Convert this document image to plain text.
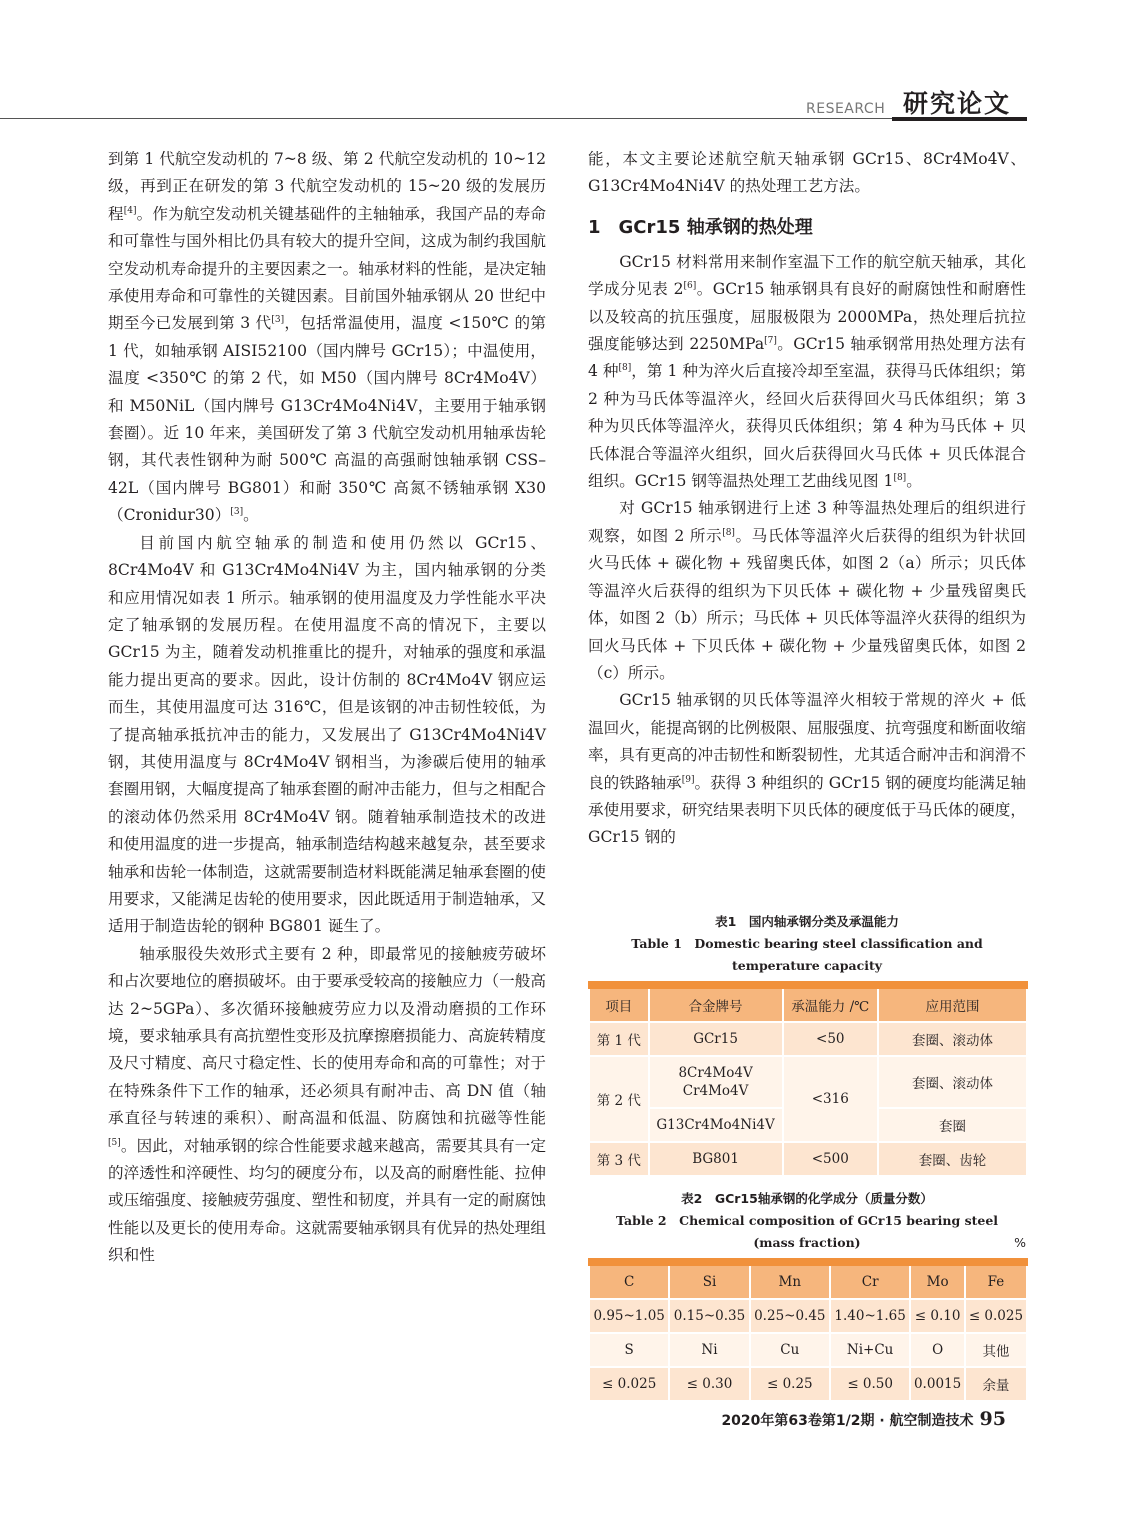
RESEARCH 研究论文

到第 1 代航空发动机的 7~8 级、第 2 代航空发动机的 10~12 级，再到正在研发的第 3 代航空发动机的 15~20 级的发展历程[4]。作为航空发动机关键基础件的主轴轴承，我国产品的寿命和可靠性与国外相比仍具有较大的提升空间，这成为制约我国航空发动机寿命提升的主要因素之一。轴承材料的性能，是决定轴承使用寿命和可靠性的关键因素。目前国外轴承钢从 20 世纪中期至今已发展到第 3 代[3]，包括常温使用，温度 <150℃ 的第 1 代，如轴承钢 AISI52100（国内牌号 GCr15）；中温使用，温度 <350℃ 的第 2 代，如 M50（国内牌号 8Cr4Mo4V）和 M50NiL（国内牌号 G13Cr4Mo4Ni4V，主要用于轴承钢套圈）。近 10 年来，美国研发了第 3 代航空发动机用轴承齿轮钢，其代表性钢种为耐 500℃ 高温的高强耐蚀轴承钢 CSS–42L（国内牌号 BG801）和耐 350℃ 高氮不锈轴承钢 X30（Cronidur30）[3]。

目前国内航空轴承的制造和使用仍然以 GCr15、8Cr4Mo4V 和 G13Cr4Mo4Ni4V 为主，国内轴承钢的分类和应用情况如表 1 所示。轴承钢的使用温度及力学性能水平决定了轴承钢的发展历程。在使用温度不高的情况下，主要以 GCr15 为主，随着发动机推重比的提升，对轴承的强度和承温能力提出更高的要求。因此，设计仿制的 8Cr4Mo4V 钢应运而生，其使用温度可达 316℃，但是该钢的冲击韧性较低，为了提高轴承抵抗冲击的能力，又发展出了 G13Cr4Mo4Ni4V 钢，其使用温度与 8Cr4Mo4V 钢相当，为渗碳后使用的轴承套圈用钢，大幅度提高了轴承套圈的耐冲击能力，但与之相配合的滚动体仍然采用 8Cr4Mo4V 钢。随着轴承制造技术的改进和使用温度的进一步提高，轴承制造结构越来越复杂，甚至要求轴承和齿轮一体制造，这就需要制造材料既能满足轴承套圈的使用要求，又能满足齿轮的使用要求，因此既适用于制造轴承，又适用于制造齿轮的钢种 BG801 诞生了。

轴承服役失效形式主要有 2 种，即最常见的接触疲劳破坏和占次要地位的磨损破坏。由于要承受较高的接触应力（一般高达 2~5GPa）、多次循环接触疲劳应力以及滑动磨损的工作环境，要求轴承具有高抗塑性变形及抗摩擦磨损能力、高旋转精度及尺寸精度、高尺寸稳定性、长的使用寿命和高的可靠性；对于在特殊条件下工作的轴承，还必须具有耐冲击、高 DN 值（轴承直径与转速的乘积）、耐高温和低温、防腐蚀和抗磁等性能[5]。因此，对轴承钢的综合性能要求越来越高，需要其具有一定的淬透性和淬硬性、均匀的硬度分布，以及高的耐磨性能、拉伸或压缩强度、接触疲劳强度、塑性和韧度，并具有一定的耐腐蚀性能以及更长的使用寿命。这就需要轴承钢具有优异的热处理组织和性

能，本文主要论述航空航天轴承钢 GCr15、8Cr4Mo4V、G13Cr4Mo4Ni4V 的热处理工艺方法。

1　GCr15 轴承钢的热处理

GCr15 材料常用来制作室温下工作的航空航天轴承，其化学成分见表 2[6]。GCr15 轴承钢具有良好的耐腐蚀性和耐磨性以及较高的抗压强度，屈服极限为 2000MPa，热处理后抗拉强度能够达到 2250MPa[7]。GCr15 轴承钢常用热处理方法有 4 种[8]，第 1 种为淬火后直接冷却至室温，获得马氏体组织；第 2 种为马氏体等温淬火，经回火后获得回火马氏体组织；第 3 种为贝氏体等温淬火，获得贝氏体组织；第 4 种为马氏体 + 贝氏体混合等温淬火组织，回火后获得回火马氏体 + 贝氏体混合组织。GCr15 钢等温热处理工艺曲线见图 1[8]。

对 GCr15 轴承钢进行上述 3 种等温热处理后的组织进行观察，如图 2 所示[8]。马氏体等温淬火后获得的组织为针状回火马氏体 + 碳化物 + 残留奥氏体，如图 2（a）所示；贝氏体等温淬火后获得的组织为下贝氏体 + 碳化物 + 少量残留奥氏体，如图 2（b）所示；马氏体 + 贝氏体等温淬火获得的组织为回火马氏体 + 下贝氏体 + 碳化物 + 少量残留奥氏体，如图 2（c）所示。

GCr15 轴承钢的贝氏体等温淬火相较于常规的淬火 + 低温回火，能提高钢的比例极限、屈服强度、抗弯强度和断面收缩率，具有更高的冲击韧性和断裂韧性，尤其适合耐冲击和润滑不良的铁路轴承[9]。获得 3 种组织的 GCr15 钢的硬度均能满足轴承使用要求，研究结果表明下贝氏体的硬度低于马氏体的硬度，GCr15 钢的

表1　国内轴承钢分类及承温能力
Table 1　Domestic bearing steel classification and
temperature capacity
项目	合金牌号	承温能力 /℃	应用范围
第 1 代	GCr15	<50	套圈、滚动体
第 2 代	8Cr4Mo4V
Cr4Mo4V	<316	套圈、滚动体
	G13Cr4Mo4Ni4V		套圈
第 3 代	BG801	<500	套圈、齿轮
表2　GCr15轴承钢的化学成分（质量分数）
Table 2　Chemical composition of GCr15 bearing steel
(mass fraction)	%
C	Si	Mn	Cr	Mo	Fe
0.95~1.05	0.15~0.35	0.25~0.45	1.40~1.65	≤ 0.10	≤ 0.025
S	Ni	Cu	Ni+Cu	O	其他
≤ 0.025	≤ 0.30	≤ 0.25	≤ 0.50	0.0015	余量
2020年第63卷第1/2期 · 航空制造技术 95
